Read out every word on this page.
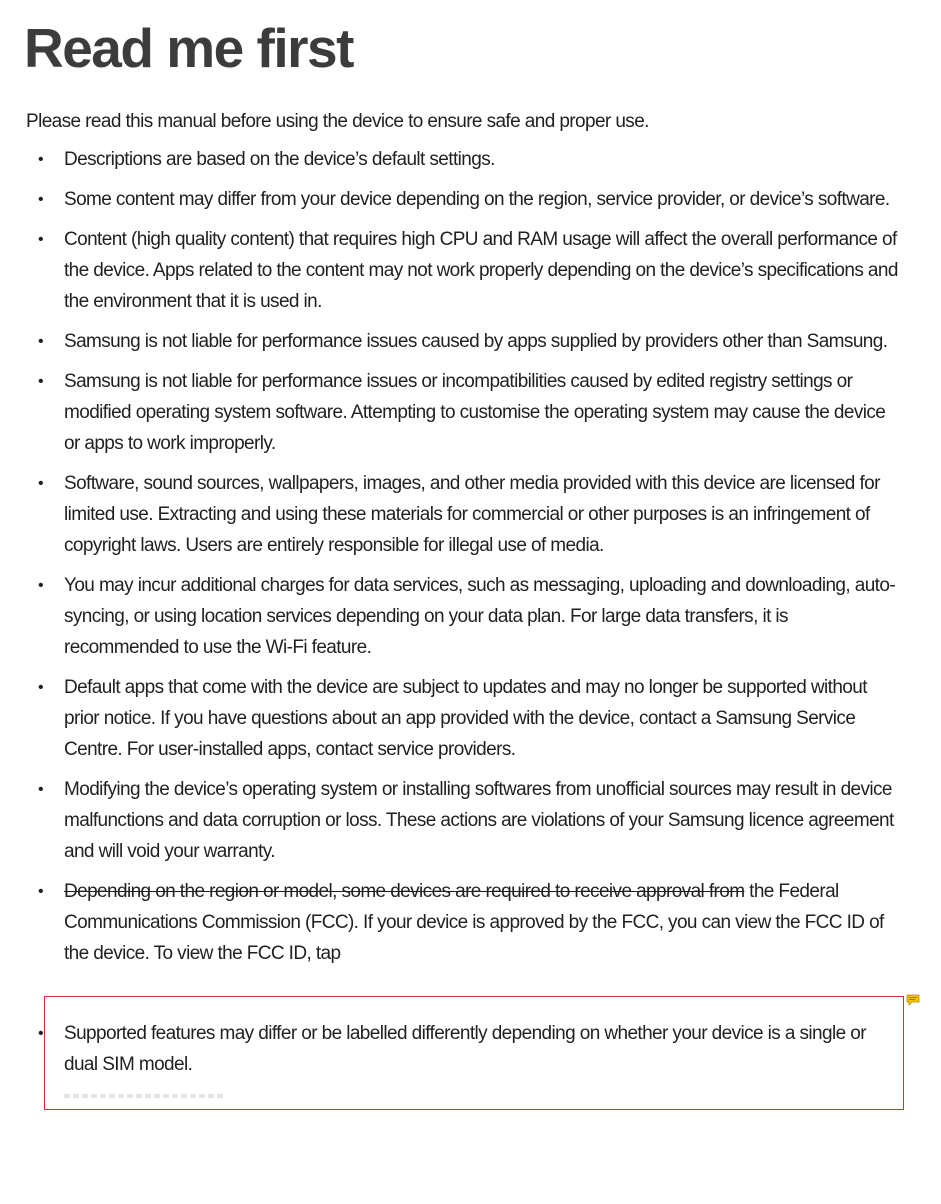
Read me first

Please read this manual before using the device to ensure safe and proper use.

• Descriptions are based on the device’s default settings.
• Some content may differ from your device depending on the region, service provider, or device’s software.
• Content (high quality content) that requires high CPU and RAM usage will affect the overall performance of the device. Apps related to the content may not work properly depending on the device’s specifications and the environment that it is used in.
• Samsung is not liable for performance issues caused by apps supplied by providers other than Samsung.
• Samsung is not liable for performance issues or incompatibilities caused by edited registry settings or modified operating system software. Attempting to customise the operating system may cause the device or apps to work improperly.
• Software, sound sources, wallpapers, images, and other media provided with this device are licensed for limited use. Extracting and using these materials for commercial or other purposes is an infringement of copyright laws. Users are entirely responsible for illegal use of media.
• You may incur additional charges for data services, such as messaging, uploading and downloading, auto-syncing, or using location services depending on your data plan. For large data transfers, it is recommended to use the Wi-Fi feature.
• Default apps that come with the device are subject to updates and may no longer be supported without prior notice. If you have questions about an app provided with the device, contact a Samsung Service Centre. For user-installed apps, contact service providers.
• Modifying the device’s operating system or installing softwares from unofficial sources may result in device malfunctions and data corruption or loss. These actions are violations of your Samsung licence agreement and will void your warranty.
• Depending on the region or model, some devices are required to receive approval from the Federal Communications Commission (FCC). If your device is approved by the FCC, you can view the FCC ID of the device. To view the FCC ID, tap
• Supported features may differ or be labelled differently depending on whether your device is a single or dual SIM model.
